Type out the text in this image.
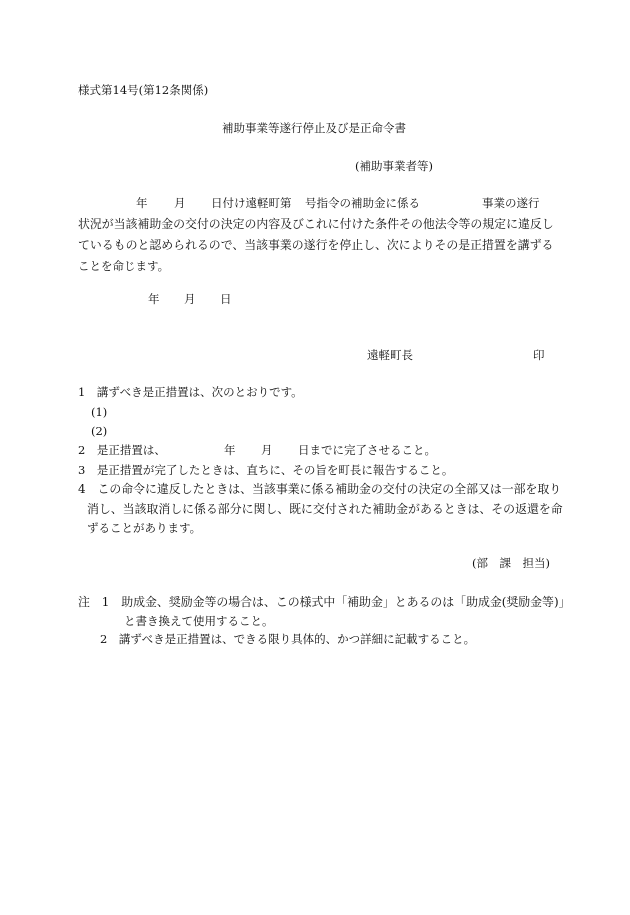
様式第14号(第12条関係)
補助事業等遂行停止及び是正命令書
(補助事業者等)
年 月 日付け遠軽町第 号指令の補助金に係る	事業の遂行
状況が当該補助金の交付の決定の内容及びこれに付けた条件その他法令等の規定に違反し
ているものと認められるので、当該事業の遂行を停止し、次によりその是正措置を講ずる
ことを命じます。
年 月 日
遠軽町長	印
1　講ずべき是正措置は、次のとおりです。
(1)
(2)
2　是正措置は、	年 月 日までに完了させること。
3　是正措置が完了したときは、直ちに、その旨を町長に報告すること。
4　この命令に違反したときは、当該事業に係る補助金の交付の決定の全部又は一部を取り
消し、当該取消しに係る部分に関し、既に交付された補助金があるときは、その返還を命
ずることがあります。
(部　課　担当)
注　1　助成金、奨励金等の場合は、この様式中「補助金」とあるのは「助成金(奨励金等)」
と書き換えて使用すること。
2　講ずべき是正措置は、できる限り具体的、かつ詳細に記載すること。
